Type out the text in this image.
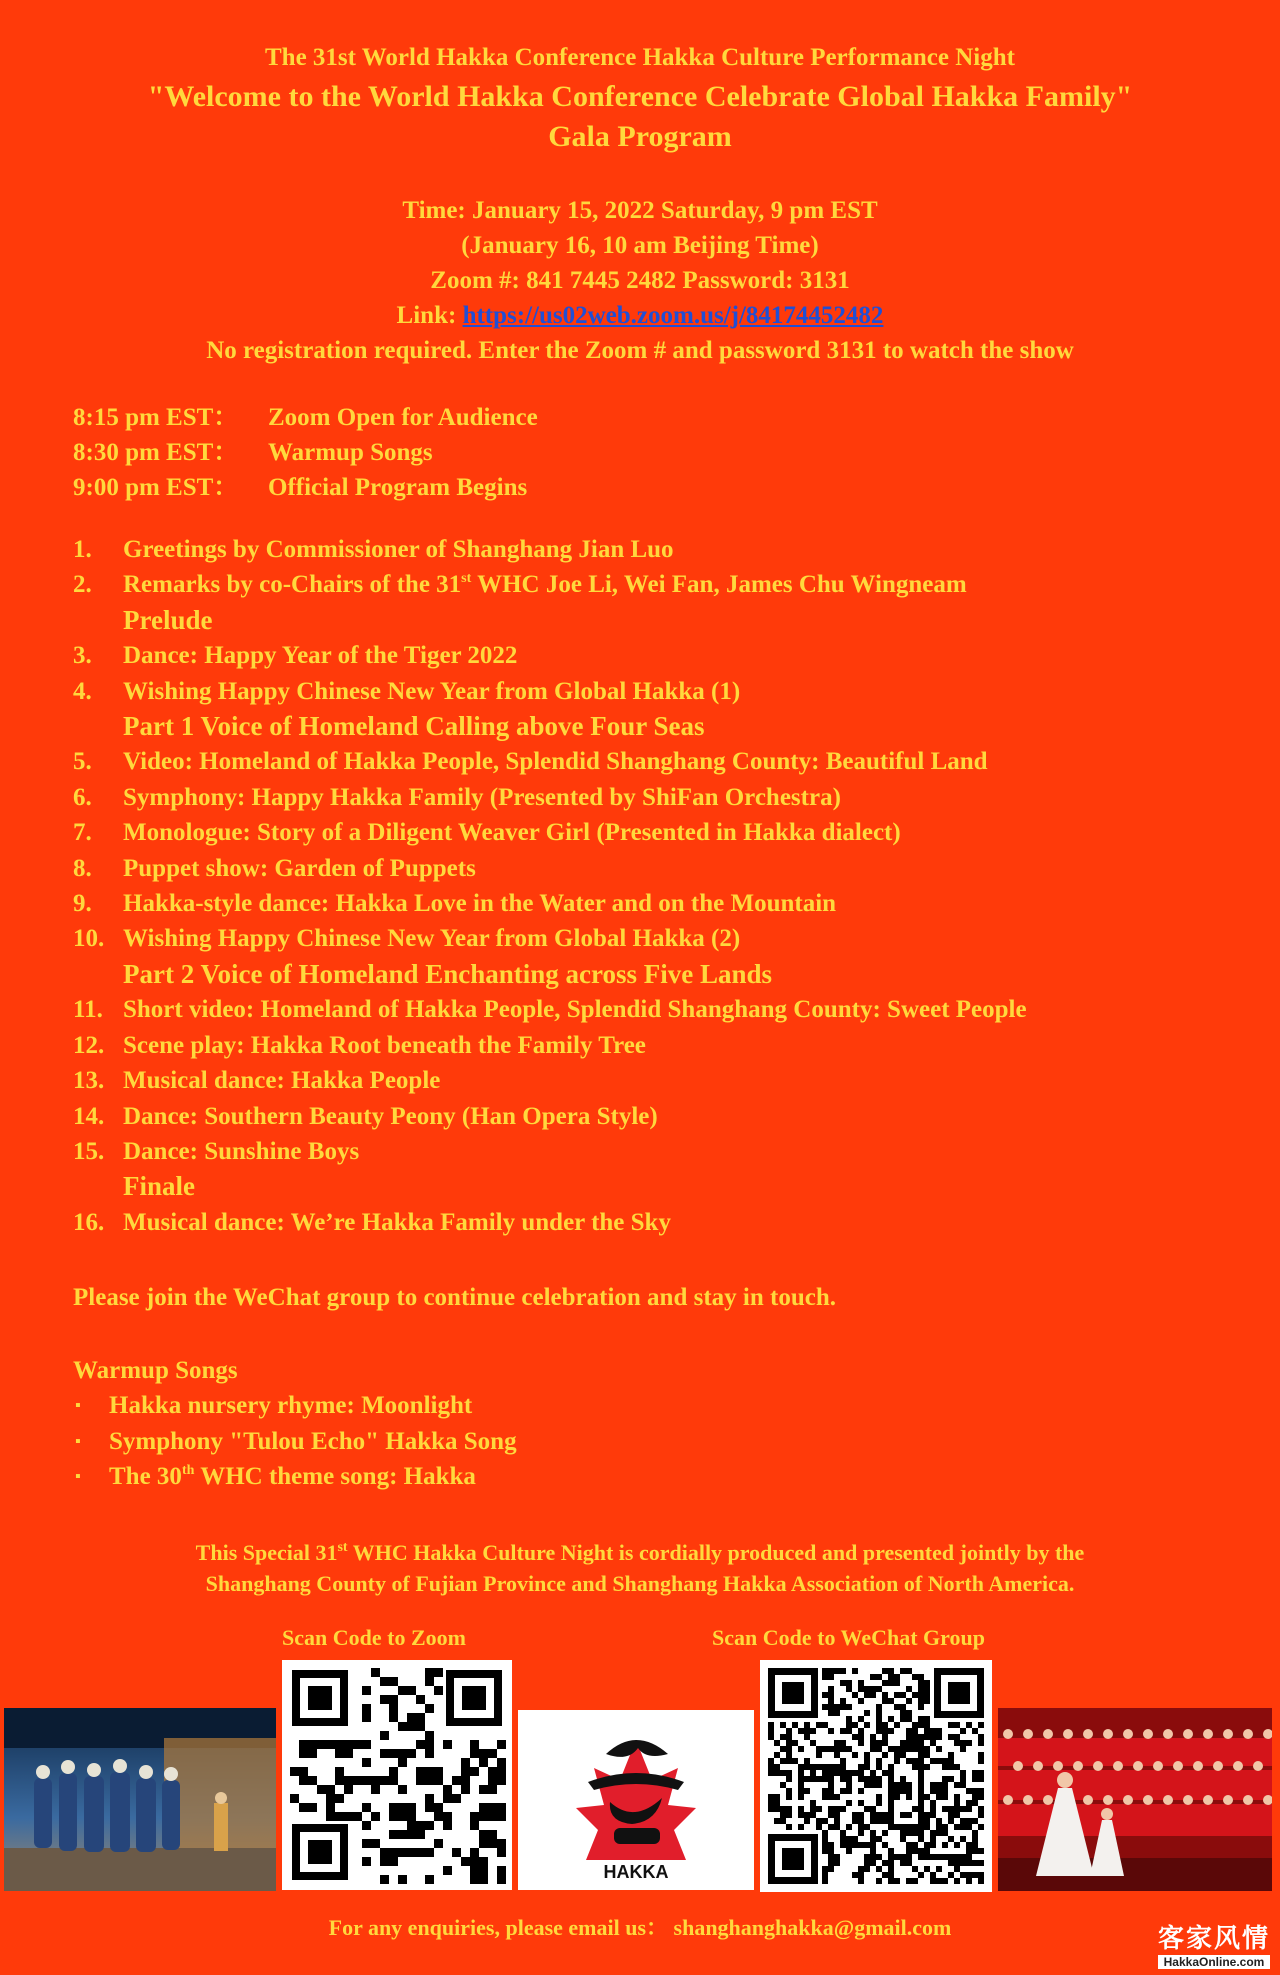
The 31st World Hakka Conference Hakka Culture Performance Night
"Welcome to the World Hakka Conference Celebrate Global Hakka Family"
Gala Program
Time: January 15, 2022 Saturday, 9 pm EST
(January 16, 10 am Beijing Time)
Zoom #: 841 7445 2482 Password: 3131
Link: https://us02web.zoom.us/j/84174452482
No registration required. Enter the Zoom # and password 3131 to watch the show
8:15 pm EST：	Zoom Open for Audience
8:30 pm EST：	Warmup Songs
9:00 pm EST：	Official Program Begins
1.	Greetings by Commissioner of Shanghang Jian Luo
2.	Remarks by co-Chairs of the 31st WHC Joe Li, Wei Fan, James Chu Wingneam
Prelude
3.	Dance: Happy Year of the Tiger 2022
4.	Wishing Happy Chinese New Year from Global Hakka (1)
Part 1 Voice of Homeland Calling above Four Seas
5.	Video: Homeland of Hakka People, Splendid Shanghang County: Beautiful Land
6.	Symphony: Happy Hakka Family (Presented by ShiFan Orchestra)
7.	Monologue: Story of a Diligent Weaver Girl (Presented in Hakka dialect)
8.	Puppet show: Garden of Puppets
9.	Hakka-style dance: Hakka Love in the Water and on the Mountain
10. Wishing Happy Chinese New Year from Global Hakka (2)
Part 2 Voice of Homeland Enchanting across Five Lands
11. Short video: Homeland of Hakka People, Splendid Shanghang County: Sweet People
12. Scene play: Hakka Root beneath the Family Tree
13. Musical dance: Hakka People
14. Dance: Southern Beauty Peony (Han Opera Style)
15. Dance: Sunshine Boys
Finale
16. Musical dance: We’re Hakka Family under the Sky
Please join the WeChat group to continue celebration and stay in touch.
Warmup Songs
▪	Hakka nursery rhyme: Moonlight
▪	Symphony "Tulou Echo" Hakka Song
▪	The 30th WHC theme song: Hakka
This Special 31st WHC Hakka Culture Night is cordially produced and presented jointly by the
Shanghang County of Fujian Province and Shanghang Hakka Association of North America.
Scan Code to Zoom	Scan Code to WeChat Group
HAKKA
For any enquiries, please email us： shanghanghakka@gmail.com	客家风情
HakkaOnline.com
